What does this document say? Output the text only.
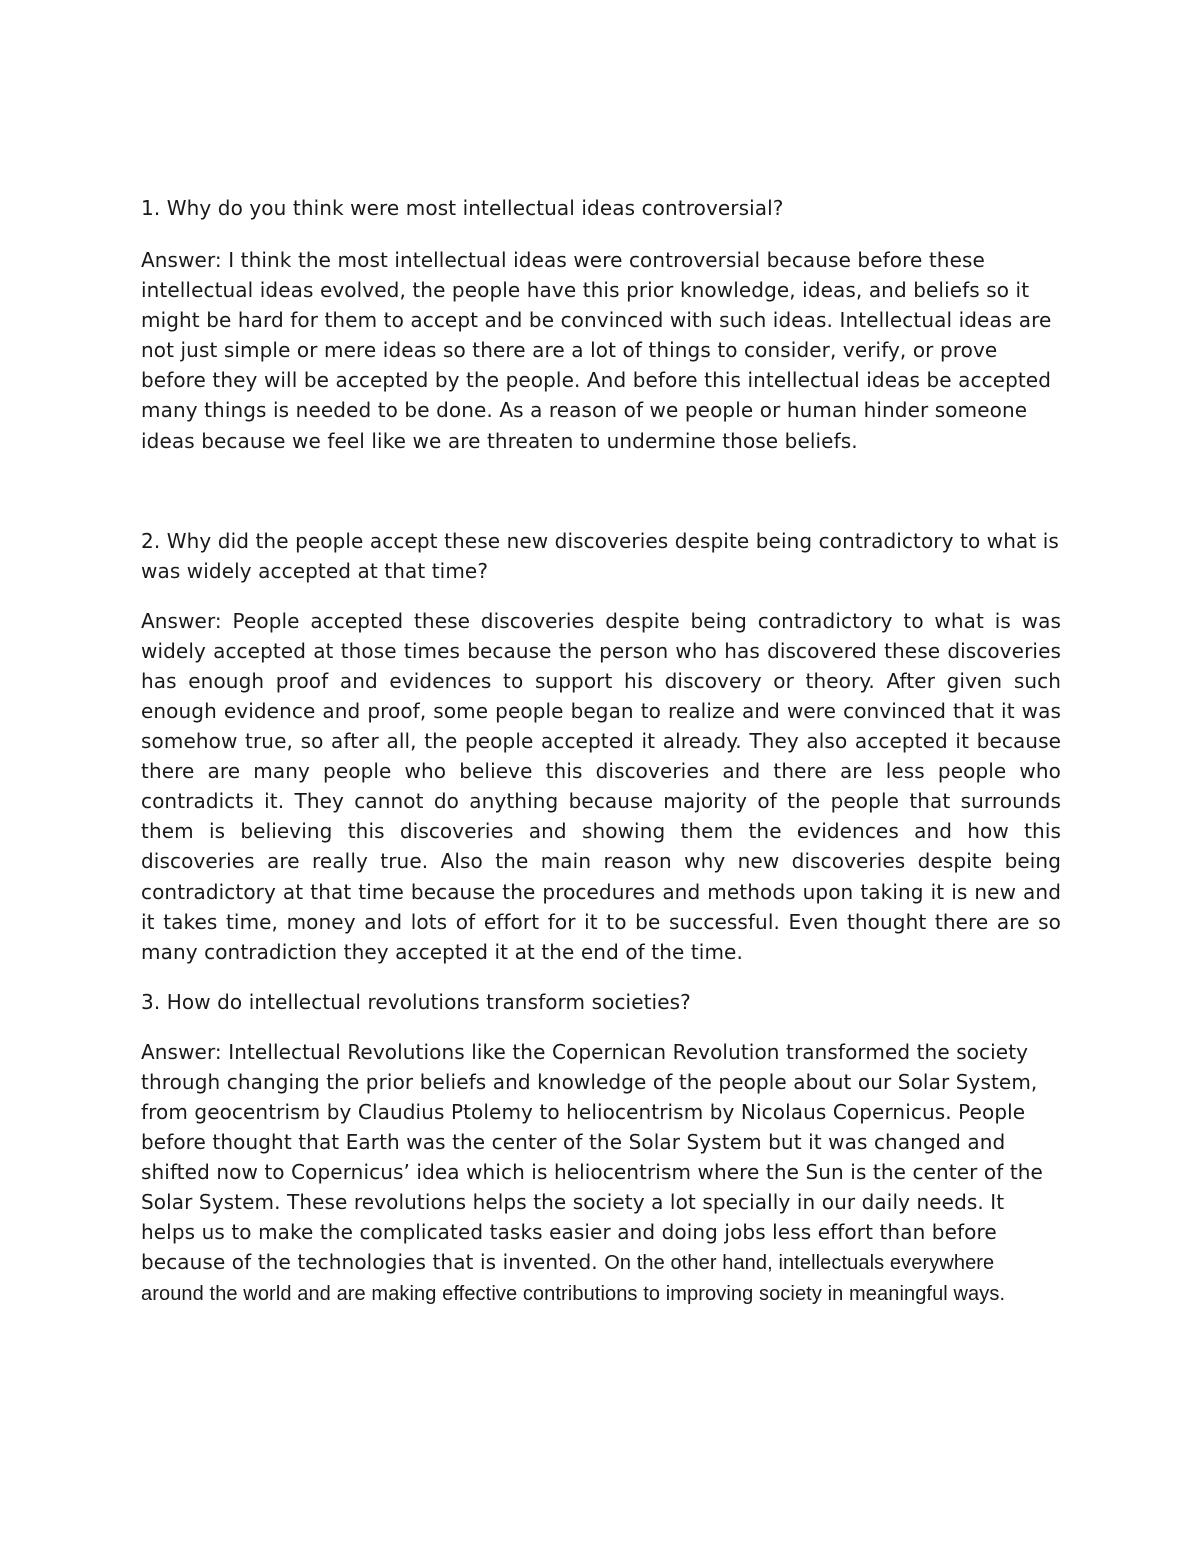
1. Why do you think were most intellectual ideas controversial?

Answer: I think the most intellectual ideas were controversial because before these intellectual ideas evolved, the people have this prior knowledge, ideas, and beliefs so it might be hard for them to accept and be convinced with such ideas. Intellectual ideas are not just simple or mere ideas so there are a lot of things to consider, verify, or prove before they will be accepted by the people. And before this intellectual ideas be accepted many things is needed to be done. As a reason of we people or human hinder someone ideas because we feel like we are threaten to undermine those beliefs.

2. Why did the people accept these new discoveries despite being contradictory to what is was widely accepted at that time?

Answer: People accepted these discoveries despite being contradictory to what is was widely accepted at those times because the person who has discovered these discoveries has enough proof and evidences to support his discovery or theory. After given such enough evidence and proof, some people began to realize and were convinced that it was somehow true, so after all, the people accepted it already. They also accepted it because there are many people who believe this discoveries and there are less people who contradicts it. They cannot do anything because majority of the people that surrounds them is believing this discoveries and showing them the evidences and how this discoveries are really true. Also the main reason why new discoveries despite being contradictory at that time because the procedures and methods upon taking it is new and it takes time, money and lots of effort for it to be successful. Even thought there are so many contradiction they accepted it at the end of the time.

3. How do intellectual revolutions transform societies?

Answer: Intellectual Revolutions like the Copernican Revolution transformed the society through changing the prior beliefs and knowledge of the people about our Solar System, from geocentrism by Claudius Ptolemy to heliocentrism by Nicolaus Copernicus. People before thought that Earth was the center of the Solar System but it was changed and shifted now to Copernicus’ idea which is heliocentrism where the Sun is the center of the Solar System. These revolutions helps the society a lot specially in our daily needs. It helps us to make the complicated tasks easier and doing jobs less effort than before because of the technologies that is invented. On the other hand, intellectuals everywhere around the world and are making effective contributions to improving society in meaningful ways.
